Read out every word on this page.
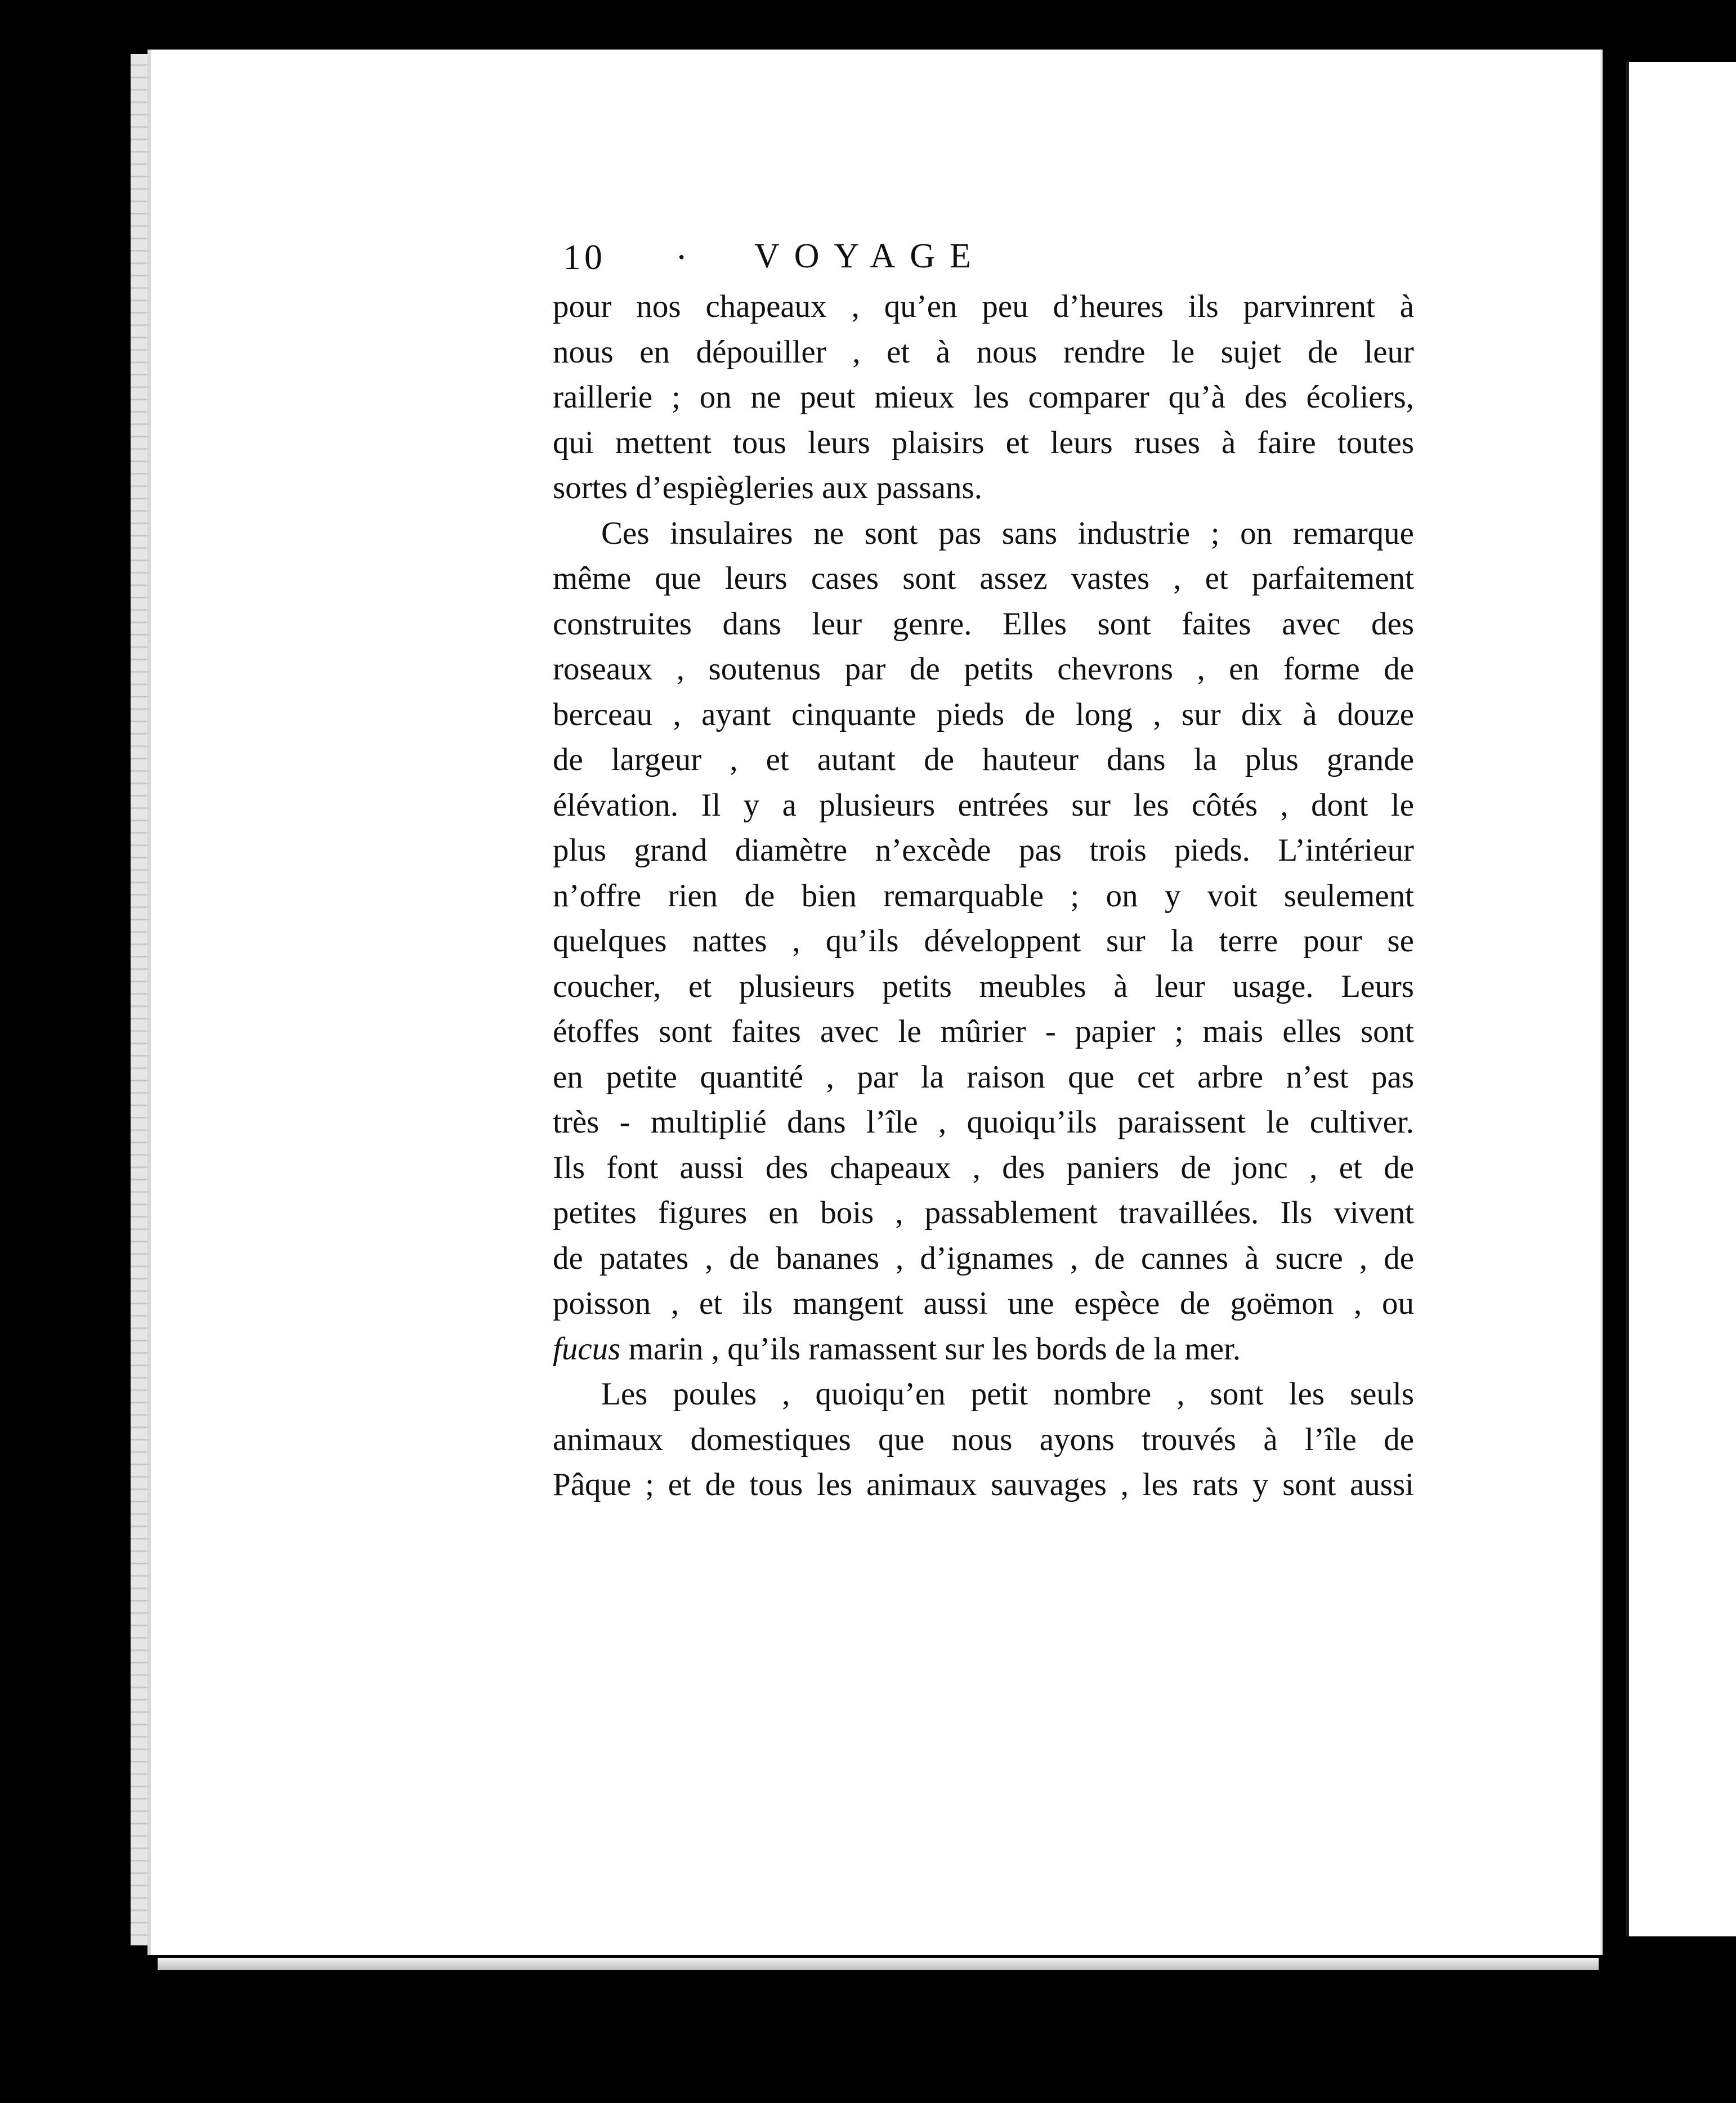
10 · VOYAGE
pour nos chapeaux , qu’en peu d’heures ils parvinrent à
nous en dépouiller , et à nous rendre le sujet de leur
raillerie ; on ne peut mieux les comparer qu’à des écoliers,
qui mettent tous leurs plaisirs et leurs ruses à faire toutes
sortes d’espiègleries aux passans.
Ces insulaires ne sont pas sans industrie ; on remarque
même que leurs cases sont assez vastes , et parfaitement
construites dans leur genre. Elles sont faites avec des
roseaux , soutenus par de petits chevrons , en forme de
berceau , ayant cinquante pieds de long , sur dix à douze
de largeur , et autant de hauteur dans la plus grande
élévation. Il y a plusieurs entrées sur les côtés , dont le
plus grand diamètre n’excède pas trois pieds. L’intérieur
n’offre rien de bien remarquable ; on y voit seulement
quelques nattes , qu’ils développent sur la terre pour se
coucher, et plusieurs petits meubles à leur usage. Leurs
étoffes sont faites avec le mûrier - papier ; mais elles sont
en petite quantité , par la raison que cet arbre n’est pas
très - multiplié dans l’île , quoiqu’ils paraissent le cultiver.
Ils font aussi des chapeaux , des paniers de jonc , et de
petites figures en bois , passablement travaillées. Ils vivent
de patates , de bananes , d’ignames , de cannes à sucre , de
poisson , et ils mangent aussi une espèce de goëmon , ou
fucus marin , qu’ils ramassent sur les bords de la mer.
Les poules , quoiqu’en petit nombre , sont les seuls
animaux domestiques que nous ayons trouvés à l’île de
Pâque ; et de tous les animaux sauvages , les rats y sont aussi
